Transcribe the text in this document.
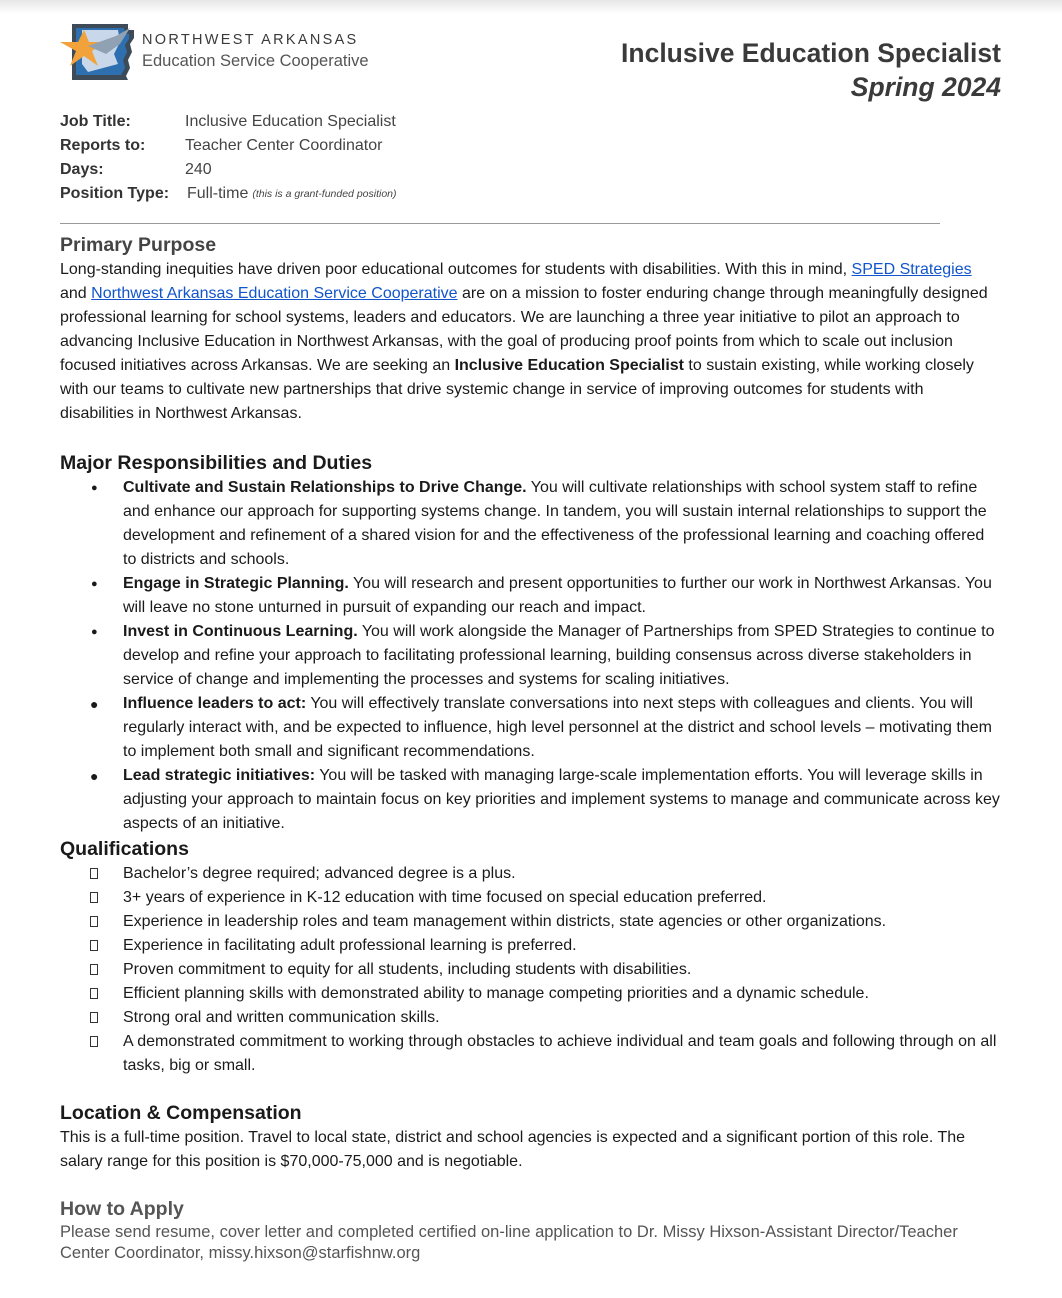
NORTHWEST ARKANSAS
Education Service Cooperative	Inclusive Education Specialist
Spring 2024
Job Title:	Inclusive Education Specialist
Reports to:	Teacher Center Coordinator
Days:	240
Position Type:	Full-time (this is a grant-funded position)
Primary Purpose

Long-standing inequities have driven poor educational outcomes for students with disabilities. With this in mind, SPED Strategies and Northwest Arkansas Education Service Cooperative are on a mission to foster enduring change through meaningfully designed professional learning for school systems, leaders and educators. We are launching a three year initiative to pilot an approach to advancing Inclusive Education in Northwest Arkansas, with the goal of producing proof points from which to scale out inclusion focused initiatives across Arkansas. We are seeking an Inclusive Education Specialist to sustain existing, while working closely with our teams to cultivate new partnerships that drive systemic change in service of improving outcomes for students with disabilities in Northwest Arkansas.

Major Responsibilities and Duties
● Cultivate and Sustain Relationships to Drive Change. You will cultivate relationships with school system staff to refine and enhance our approach for supporting systems change. In tandem, you will sustain internal relationships to support the development and refinement of a shared vision for and the effectiveness of the professional learning and coaching offered to districts and schools.
● Engage in Strategic Planning. You will research and present opportunities to further our work in Northwest Arkansas. You will leave no stone unturned in pursuit of expanding our reach and impact.
● Invest in Continuous Learning. You will work alongside the Manager of Partnerships from SPED Strategies to continue to develop and refine your approach to facilitating professional learning, building consensus across diverse stakeholders in service of change and implementing the processes and systems for scaling initiatives.
● Influence leaders to act: You will effectively translate conversations into next steps with colleagues and clients. You will regularly interact with, and be expected to influence, high level personnel at the district and school levels – motivating them to implement both small and significant recommendations.
● Lead strategic initiatives: You will be tasked with managing large-scale implementation efforts. You will leverage skills in adjusting your approach to maintain focus on key priorities and implement systems to manage and communicate across key aspects of an initiative.
Qualifications
Bachelor’s degree required; advanced degree is a plus.
3+ years of experience in K-12 education with time focused on special education preferred.
Experience in leadership roles and team management within districts, state agencies or other organizations.
Experience in facilitating adult professional learning is preferred.
Proven commitment to equity for all students, including students with disabilities.
Efficient planning skills with demonstrated ability to manage competing priorities and a dynamic schedule.
Strong oral and written communication skills.
A demonstrated commitment to working through obstacles to achieve individual and team goals and following through on all tasks, big or small.
Location & Compensation

This is a full-time position. Travel to local state, district and school agencies is expected and a significant portion of this role. The salary range for this position is $70,000-75,000 and is negotiable.

How to Apply

Please send resume, cover letter and completed certified on-line application to Dr. Missy Hixson-Assistant Director/Teacher Center Coordinator, missy.hixson@starfishnw.org
